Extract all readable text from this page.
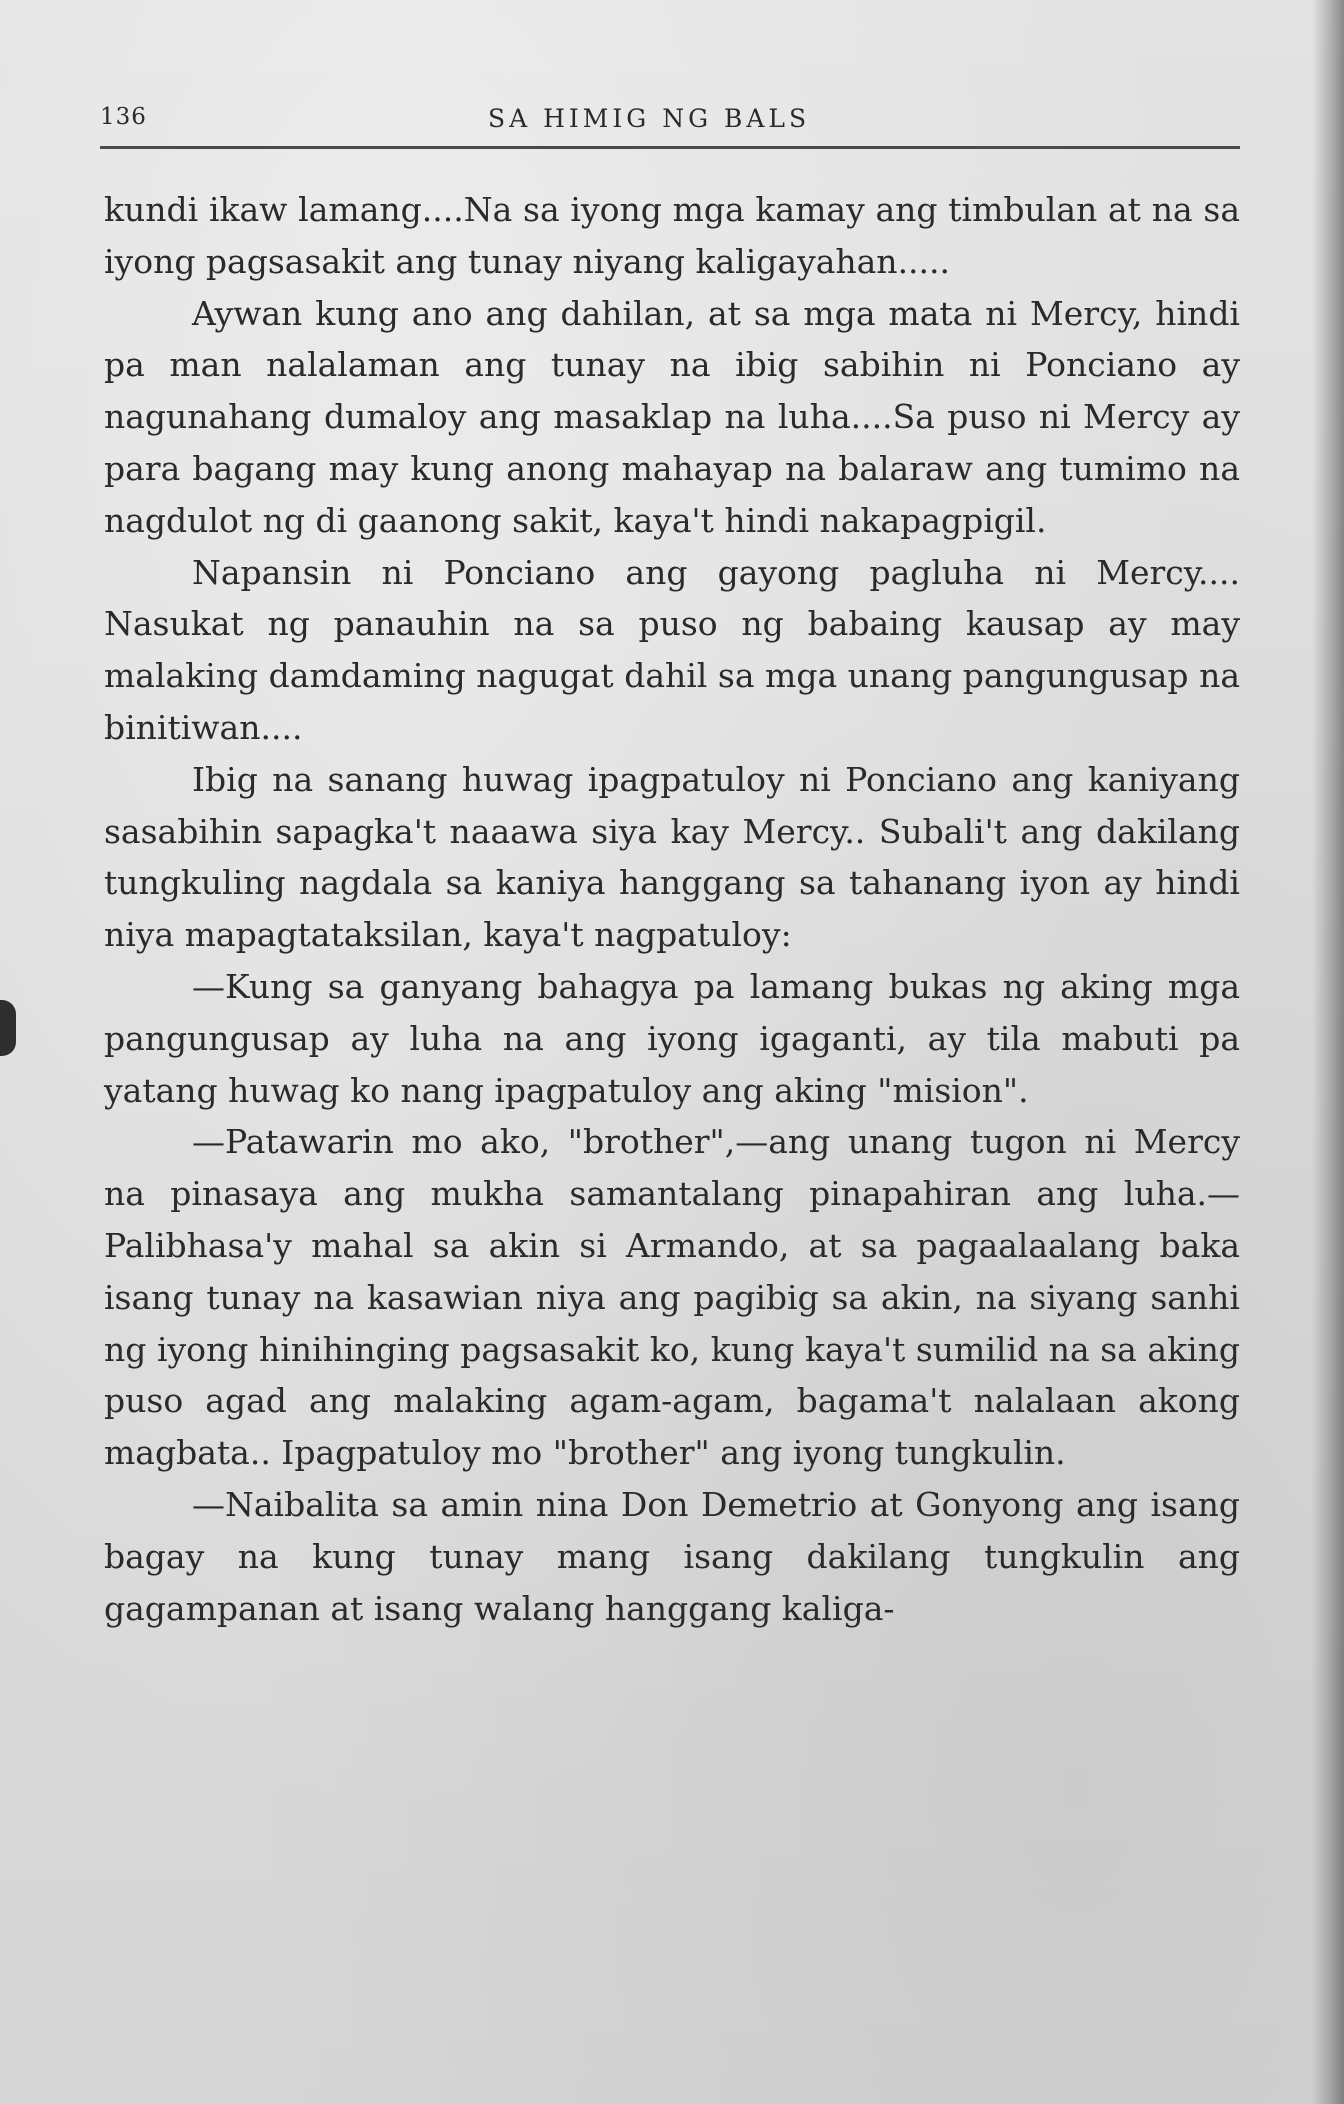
136	SA HIMIG NG BALS

kundi ikaw lamang....Na sa iyong mga kamay ang timbulan at na sa iyong pagsasakit ang tunay niyang kaligayahan.....

Aywan kung ano ang dahilan, at sa mga mata ni Mercy, hindi pa man nalalaman ang tunay na ibig sabihin ni Ponciano ay nagunahang dumaloy ang masaklap na luha....Sa puso ni Mercy ay para bagang may kung anong mahayap na balaraw ang tumimo na nagdulot ng di gaanong sakit, kaya't hindi nakapagpigil.

Napansin ni Ponciano ang gayong pagluha ni Mercy.... Nasukat ng panauhin na sa puso ng babaing kausap ay may malaking damdaming nagugat dahil sa mga unang pangungusap na binitiwan....

Ibig na sanang huwag ipagpatuloy ni Ponciano ang kaniyang sasabihin sapagka't naaawa siya kay Mercy.. Subali't ang dakilang tungkuling nagdala sa kaniya hanggang sa tahanang iyon ay hindi niya mapagtataksilan, kaya't nagpatuloy:

—Kung sa ganyang bahagya pa lamang bukas ng aking mga pangungusap ay luha na ang iyong igaganti, ay tila mabuti pa yatang huwag ko nang ipagpatuloy ang aking "mision".

—Patawarin mo ako, "brother",—ang unang tugon ni Mercy na pinasaya ang mukha samantalang pinapahiran ang luha.—Palibhasa'y mahal sa akin si Armando, at sa pagaalaalang baka isang tunay na kasawian niya ang pagibig sa akin, na siyang sanhi ng iyong hinihinging pagsasakit ko, kung kaya't sumilid na sa aking puso agad ang malaking agam-agam, bagama't nalalaan akong magbata.. Ipagpatuloy mo "brother" ang iyong tungkulin.

—Naibalita sa amin nina Don Demetrio at Gonyong ang isang bagay na kung tunay mang isang dakilang tungkulin ang gagampanan at isang walang hanggang kaliga-
